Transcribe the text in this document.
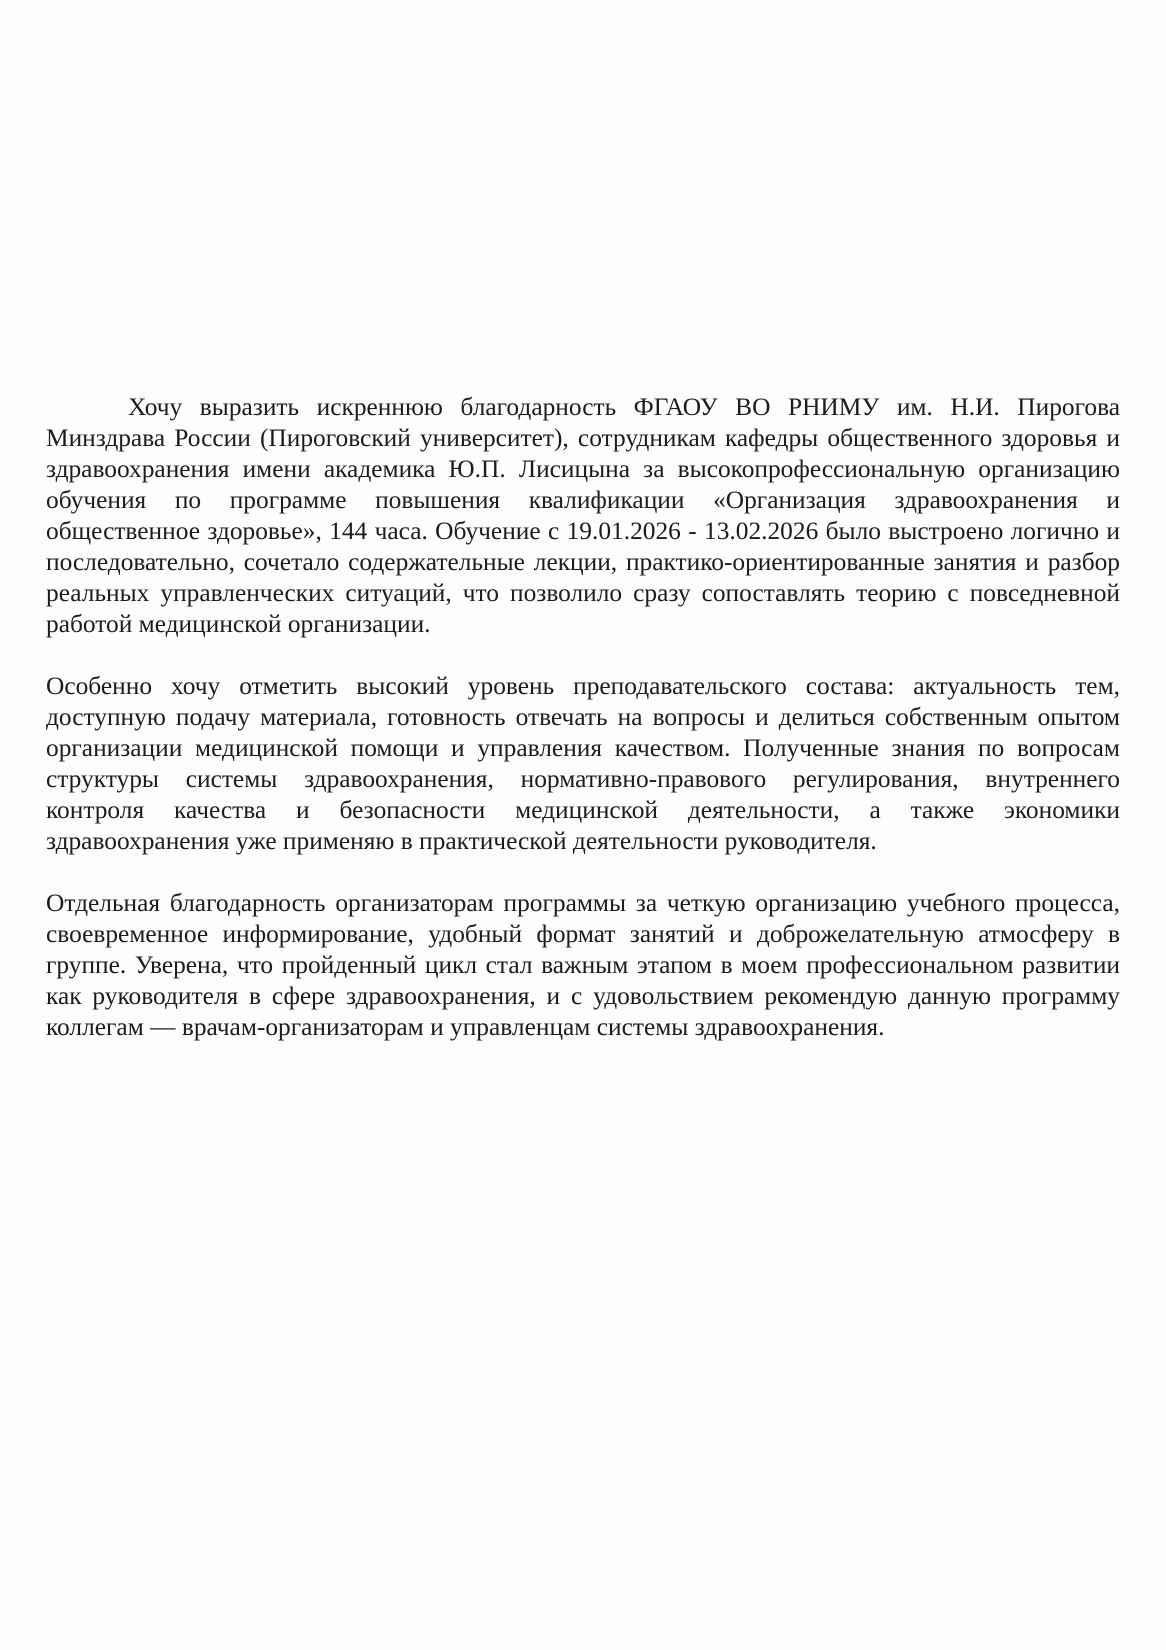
Хочу выразить искреннюю благодарность ФГАОУ ВО РНИМУ им. Н.И. Пирогова Минздрава России (Пироговский университет), сотрудникам кафедры общественного здоровья и здравоохранения имени академика Ю.П. Лисицына за высокопрофессиональную организацию обучения по программе повышения квалификации «Организация здравоохранения и общественное здоровье», 144 часа. Обучение с 19.01.2026 - 13.02.2026 было выстроено логично и последовательно, сочетало содержательные лекции, практико-ориентированные занятия и разбор реальных управленческих ситуаций, что позволило сразу сопоставлять теорию с повседневной работой медицинской организации.

Особенно хочу отметить высокий уровень преподавательского состава: актуальность тем, доступную подачу материала, готовность отвечать на вопросы и делиться собственным опытом организации медицинской помощи и управления качеством. Полученные знания по вопросам структуры системы здравоохранения, нормативно-правового регулирования, внутреннего контроля качества и безопасности медицинской деятельности, а также экономики здравоохранения уже применяю в практической деятельности руководителя.

Отдельная благодарность организаторам программы за четкую организацию учебного процесса, своевременное информирование, удобный формат занятий и доброжелательную атмосферу в группе. Уверена, что пройденный цикл стал важным этапом в моем профессиональном развитии как руководителя в сфере здравоохранения, и с удовольствием рекомендую данную программу коллегам — врачам-организаторам и управленцам системы здравоохранения.
